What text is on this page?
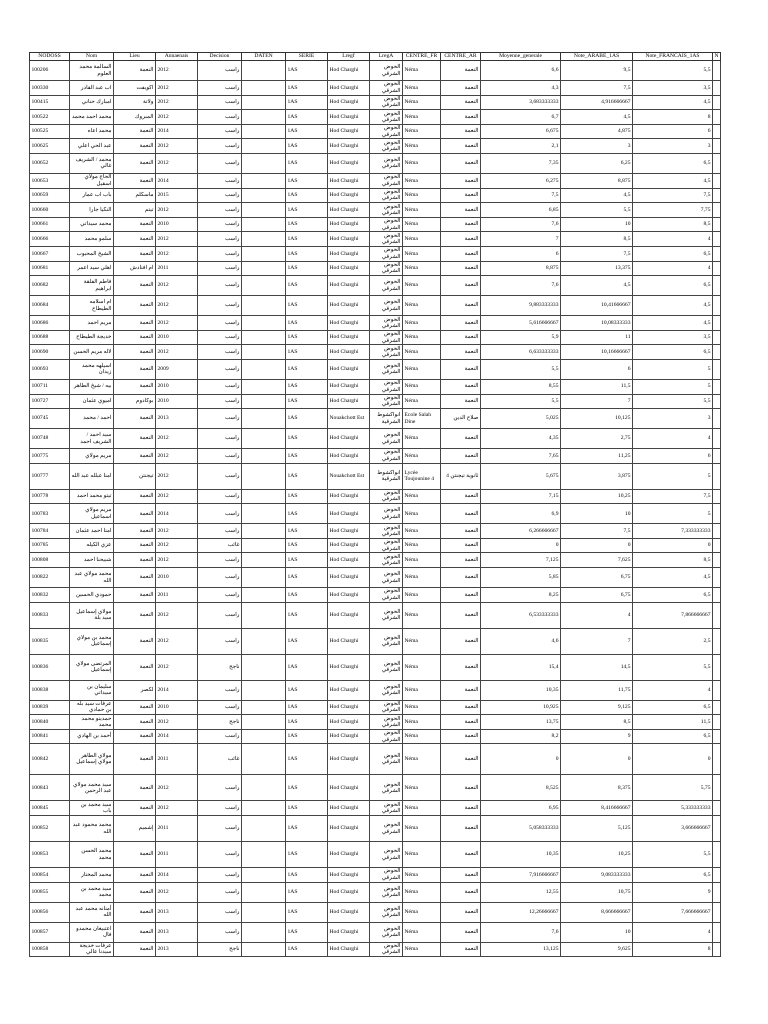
NODOSS	Nom	Lieu	Annaenais	Decision	DATEN	SERIE	Lregf	LregA	CENTRE_FR	CENTRE_AR	Moyenne_generale	Note_ARABE_1AS	Note_FRANCAIS_1AS	N
100206	السالمة محمد العلوم	النعمة	2012	راسب		1AS	Hod Charghi	الحوض الشرقي	Néma	النعمة	6,6	9,5	5,5	
100330	اب عبد القادر	اكويفت	2012	راسب		1AS	Hod Charghi	الحوض الشرقي	Néma	النعمة	4,3	7,5	3,5	
100415	امبارك حناني	ولاتة	2012	راسب		1AS	Hod Charghi	الحوض الشرقي	Néma	النعمة	3,683333333	4,916666667	4,5	
100522	محمد احمد محمد	المبروك	2012	راسب		1AS	Hod Charghi	الحوض الشرقي	Néma	النعمة	6,7	4,5	8	
100525	محمد اعاه	النعمة	2014	راسب		1AS	Hod Charghi	الحوض الشرقي	Néma	النعمة	6,675	4,875	6	
100625	عبد الحي اعلي	النعمة	2012	راسب		1AS	Hod Charghi	الحوض الشرقي	Néma	النعمة	2,1	3	3	
100652	محمد / الشريف غالي	النعمة	2012	راسب		1AS	Hod Charghi	الحوض الشرقي	Néma	النعمة	7,35	6,25	6,5	
100653	الحاج مولاي اسقيل	النعمة	2014	راسب		1AS	Hod Charghi	الحوض الشرقي	Néma	النعمة	6,275	8,875	4,5	
100659	باب اب عمار	ماسكلم	2015	راسب		1AS	Hod Charghi	الحوض الشرقي	Néma	النعمة	7,5	4,5	7,5	
100660	النكيا جارا	تيتم	2012	راسب		1AS	Hod Charghi	الحوض الشرقي	Néma	النعمة	6,85	5,5	7,75	
100661	محمد سيداتي	النعمة	2010	راسب		1AS	Hod Charghi	الحوض الشرقي	Néma	النعمة	7,6	10	8,5	
100666	سلمو محمد	النعمة	2012	راسب		1AS	Hod Charghi	الحوض الشرقي	Néma	النعمة	7	8,5	4	
100667	الشيخ المحبوب	النعمة	2012	راسب		1AS	Hod Charghi	الحوض الشرقي	Néma	النعمة	6	7,5	6,5	
100681	اهلي سيد اعمر	ام افنادش	2011	راسب		1AS	Hod Charghi	الحوض الشرقي	Néma	النعمة	8,875	13,375	4	
100682	فاطم الفلقة ابراهيم	النعمة	2012	راسب		1AS	Hod Charghi	الحوض الشرقي	Néma	النعمة	7,6	4,5	6,5	
100684	ام اسلامه الطيطاح	النعمة	2012	راسب		1AS	Hod Charghi	الحوض الشرقي	Néma	النعمة	9,883333333	10,41666667	4,5	
100686	مريم احمد	النعمة	2012	راسب		1AS	Hod Charghi	الحوض الشرقي	Néma	النعمة	5,616666667	10,08333333	4,5	
100688	خديجة الطيطاح	النعمة	2010	راسب		1AS	Hod Charghi	الحوض الشرقي	Néma	النعمة	5,9	11	3,5	
100690	لاله مريم الحسن	النعمة	2012	راسب		1AS	Hod Charghi	الحوض الشرقي	Néma	النعمة	6,633333333	10,16666667	6,5	
100693	اسيلهه محمد زيدان	النعمة	2009	راسب		1AS	Hod Charghi	الحوض الشرقي	Néma	النعمة	5,5	6	5	
100711	بيه / شيخ الطاهر	النعمة	2010	راسب		1AS	Hod Charghi	الحوض الشرقي	Néma	النعمة	8,55	11,5	5	
100727	اميوي عثمان	بوكادوم	2010	راسب		1AS	Hod Charghi	الحوض الشرقي	Néma	النعمة	5,5	7	5,5	
100745	احمد / محمد	النعمة	2013	راسب		1AS	Nouakchott Est	انواكشوط الشرقية	Ecole Salah Dine	صلاح الدين	5,025	10,125	3	
100748	سيد احمد / الشريف احمد	النعمة	2012	راسب		1AS	Hod Charghi	الحوض الشرقي	Néma	النعمة	4,35	2,75	4	
100775	مريم مولاي	النعمة	2012	راسب		1AS	Hod Charghi	الحوض الشرقي	Néma	النعمة	7,65	11,25	6	
100777	امنا عبلله عبد الله	تيجنتن	2012	راسب		1AS	Nouakchott Est	انواكشوط الشرقية	Lycée Toujounine 4	ثانوية تيجنتن 4	5,675	3,875	5	
100778	تيتو محمد احمد	النعمة	2012	راسب		1AS	Hod Charghi	الحوض الشرقي	Néma	النعمة	7,15	10,25	7,5	
100783	مريم مولاي اسماعيل	النعمة	2014	راسب		1AS	Hod Charghi	الحوض الشرقي	Néma	النعمة	6,9	10	5	
100784	امنا احمد عثمان	النعمة	2012	راسب		1AS	Hod Charghi	الحوض الشرقي	Néma	النعمة	6,266666667	7,5	7,333333333	
100785	عزي الكيله	النعمة	2012	غائب		1AS	Hod Charghi	الحوض الشرقي	Néma	النعمة	0	0	0	
100808	شبيحنا احمد	النعمة	2012	راسب		1AS	Hod Charghi	الحوض الشرقي	Néma	النعمة	7,125	7,625	8,5	
100822	محمد مولاي عبد الله	النعمة	2010	راسب		1AS	Hod Charghi	الحوض الشرقي	Néma	النعمة	5,85	6,75	4,5	
100832	حمودي الحسين	النعمة	2011	راسب		1AS	Hod Charghi	الحوض الشرقي	Néma	النعمة	8,25	6,75	6,5	
100833	مولاي إسماعيل سيد بلة	النعمة	2012	راسب		1AS	Hod Charghi	الحوض الشرقي	Néma	النعمة	6,533333333	4	7,866666667	
100835	محمد بن مولاي إسماعيل	النعمة	2012	راسب		1AS	Hod Charghi	الحوض الشرقي	Néma	النعمة	4,6	7	2,5	
100836	المرتضى مولاي إسماعيل	النعمة	2012	ناجح		1AS	Hod Charghi	الحوض الشرقي	Néma	النعمة	15,4	14,5	5,5	
100838	سليمان بن سيداتي	لكصر	2014	راسب		1AS	Hod Charghi	الحوض الشرقي	Néma	النعمة	10,35	11,75	4	
100839	عرفات سيد بله بن حمادي	النعمة	2010	راسب		1AS	Hod Charghi	الحوض الشرقي	Néma	النعمة	10,925	9,125	6,5	
100840	حمدينو محمد محمد	النعمة	2012	ناجح		1AS	Hod Charghi	الحوض الشرقي	Néma	النعمة	13,75	8,5	11,5	
100841	أحمد بن الهادي	النعمة	2014	راسب		1AS	Hod Charghi	الحوض الشرقي	Néma	النعمة	8,2	9	6,5	
100842	مولاي الطاهر مولاي إسماعيل	النعمة	2011	غائب		1AS	Hod Charghi	الحوض الشرقي	Néma	النعمة	0	0	0	
100843	سيد محمد مولاي عبد الرحمن	النعمة	2012	راسب		1AS	Hod Charghi	الحوض الشرقي	Néma	النعمة	8,525	8,375	5,75	
100845	سيد محمد بن باب	النعمة	2012	راسب		1AS	Hod Charghi	الحوض الشرقي	Néma	النعمة	6,95	8,416666667	5,333333333	
100852	محمد محمود عبد الله	إشميم	2011	راسب		1AS	Hod Charghi	الحوض الشرقي	Néma	النعمة	5,058333333	5,125	3,666666667	
100853	محمد الحسن محمد	النعمة	2011	راسب		1AS	Hod Charghi	الحوض الشرقي	Néma	النعمة	10,35	10,25	5,5	
100854	محمد المختار	النعمة	2014	راسب		1AS	Hod Charghi	الحوض الشرقي	Néma	النعمة	7,916666667	9,083333333	6,5	
100855	سيد محمد بن محمد	النعمة	2012	راسب		1AS	Hod Charghi	الحوض الشرقي	Néma	النعمة	12,55	10,75	9	
100856	أمنانه محمد عبد الله	النعمة	2013	راسب		1AS	Hod Charghi	الحوض الشرقي	Néma	النعمة	12,26666667	8,666666667	7,666666667	
100857	اعتبيغان محمدو فال	النعمة	2013	راسب		1AS	Hod Charghi	الحوض الشرقي	Néma	النعمة	7,6	10	4	
100858	عرفات خديجة سيدنا عالي	النعمة	2013	ناجح		1AS	Hod Charghi	الحوض الشرقي	Néma	النعمة	13,125	9,625	8	
